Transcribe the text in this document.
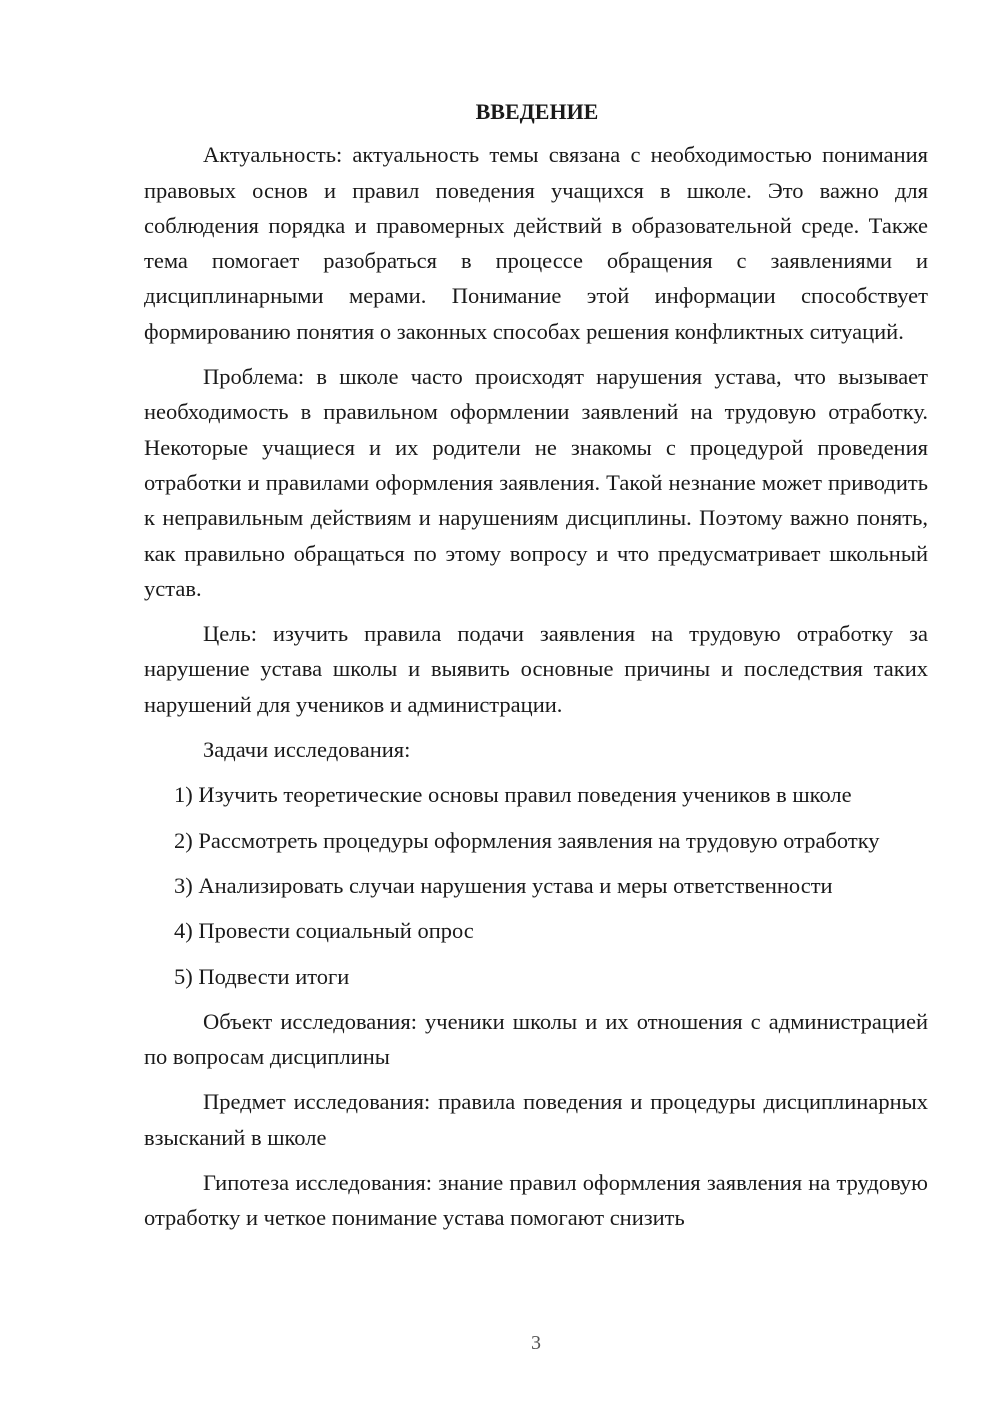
ВВЕДЕНИЕ

Актуальность: актуальность темы связана с необходимостью понимания правовых основ и правил поведения учащихся в школе. Это важно для соблюдения порядка и правомерных действий в образовательной среде. Также тема помогает разобраться в процессе обращения с заявлениями и дисциплинарными мерами. Понимание этой информации способствует формированию понятия о законных способах решения конфликтных ситуаций.

Проблема: в школе часто происходят нарушения устава, что вызывает необходимость в правильном оформлении заявлений на трудовую отработку. Некоторые учащиеся и их родители не знакомы с процедурой проведения отработки и правилами оформления заявления. Такой незнание может приводить к неправильным действиям и нарушениям дисциплины. Поэтому важно понять, как правильно обращаться по этому вопросу и что предусматривает школьный устав.

Цель: изучить правила подачи заявления на трудовую отработку за нарушение устава школы и выявить основные причины и последствия таких нарушений для учеников и администрации.

Задачи исследования:

1) Изучить теоретические основы правил поведения учеников в школе

2) Рассмотреть процедуры оформления заявления на трудовую отработку

3) Анализировать случаи нарушения устава и меры ответственности

4) Провести социальный опрос

5) Подвести итоги

Объект исследования: ученики школы и их отношения с администрацией по вопросам дисциплины

Предмет исследования: правила поведения и процедуры дисциплинарных взысканий в школе

Гипотеза исследования: знание правил оформления заявления на трудовую отработку и четкое понимание устава помогают снизить

3
